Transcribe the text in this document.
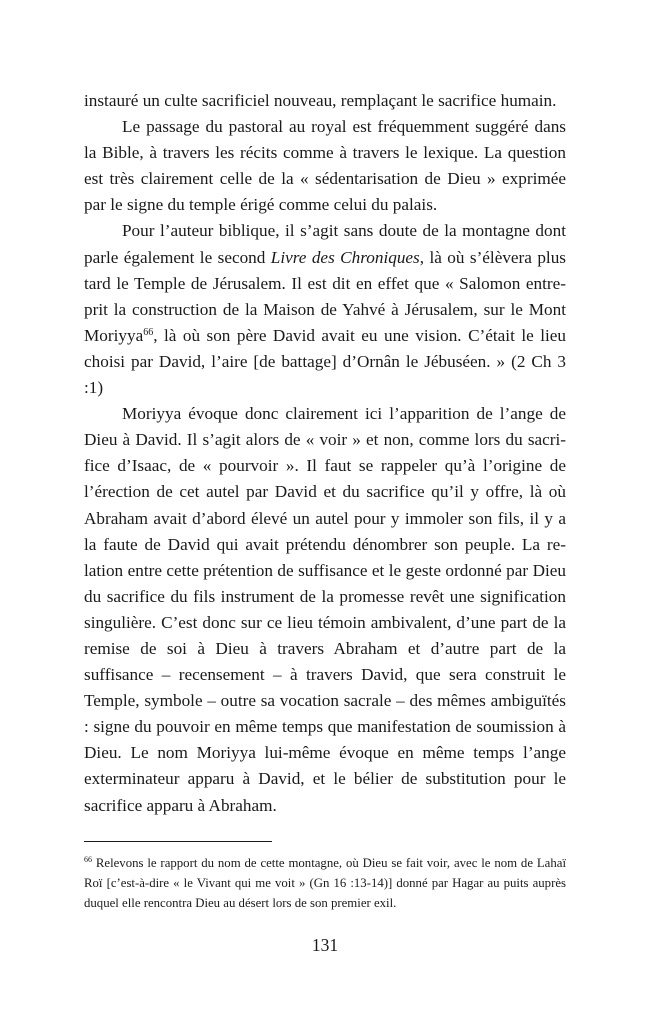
instauré un culte sacrificiel nouveau, remplaçant le sacrifice humain.

Le passage du pastoral au royal est fréquemment suggéré dans la Bible, à travers les récits comme à travers le lexique. La question est très clairement celle de la « sédentarisation de Dieu » exprimée par le signe du temple érigé comme celui du palais.

Pour l’auteur biblique, il s’agit sans doute de la montagne dont parle également le second Livre des Chroniques, là où s’élèvera plus tard le Temple de Jérusalem. Il est dit en effet que « Salomon entreprit la construction de la Maison de Yahvé à Jérusalem, sur le Mont Moriyya$^{66}$, là où son père David avait eu une vision. C’était le lieu choisi par David, l’aire [de battage] d’Ornân le Jébuséen. » (2 Ch 3 :1)

Moriyya évoque donc clairement ici l’apparition de l’ange de Dieu à David. Il s’agit alors de « voir » et non, comme lors du sacrifice d’Isaac, de « pourvoir ». Il faut se rappeler qu’à l’origine de l’érection de cet autel par David et du sacrifice qu’il y offre, là où Abraham avait d’abord élevé un autel pour y immoler son fils, il y a la faute de David qui avait prétendu dénombrer son peuple. La relation entre cette prétention de suffisance et le geste ordonné par Dieu du sacrifice du fils instrument de la promesse revêt une signification singulière. C’est donc sur ce lieu témoin ambivalent, d’une part de la remise de soi à Dieu à travers Abraham et d’autre part de la suffisance – recensement – à travers David, que sera construit le Temple, symbole – outre sa vocation sacrale – des mêmes ambiguïtés : signe du pouvoir en même temps que manifestation de soumission à Dieu. Le nom Moriyya lui-même évoque en même temps l’ange exterminateur apparu à David, et le bélier de substitution pour le sacrifice apparu à Abraham.

$^{66}$ Relevons le rapport du nom de cette montagne, où Dieu se fait voir, avec le nom de Lahaï Roï [c’est-à-dire « le Vivant qui me voit » (Gn 16 :13-14)] donné par Hagar au puits auprès duquel elle rencontra Dieu au désert lors de son premier exil.

131
